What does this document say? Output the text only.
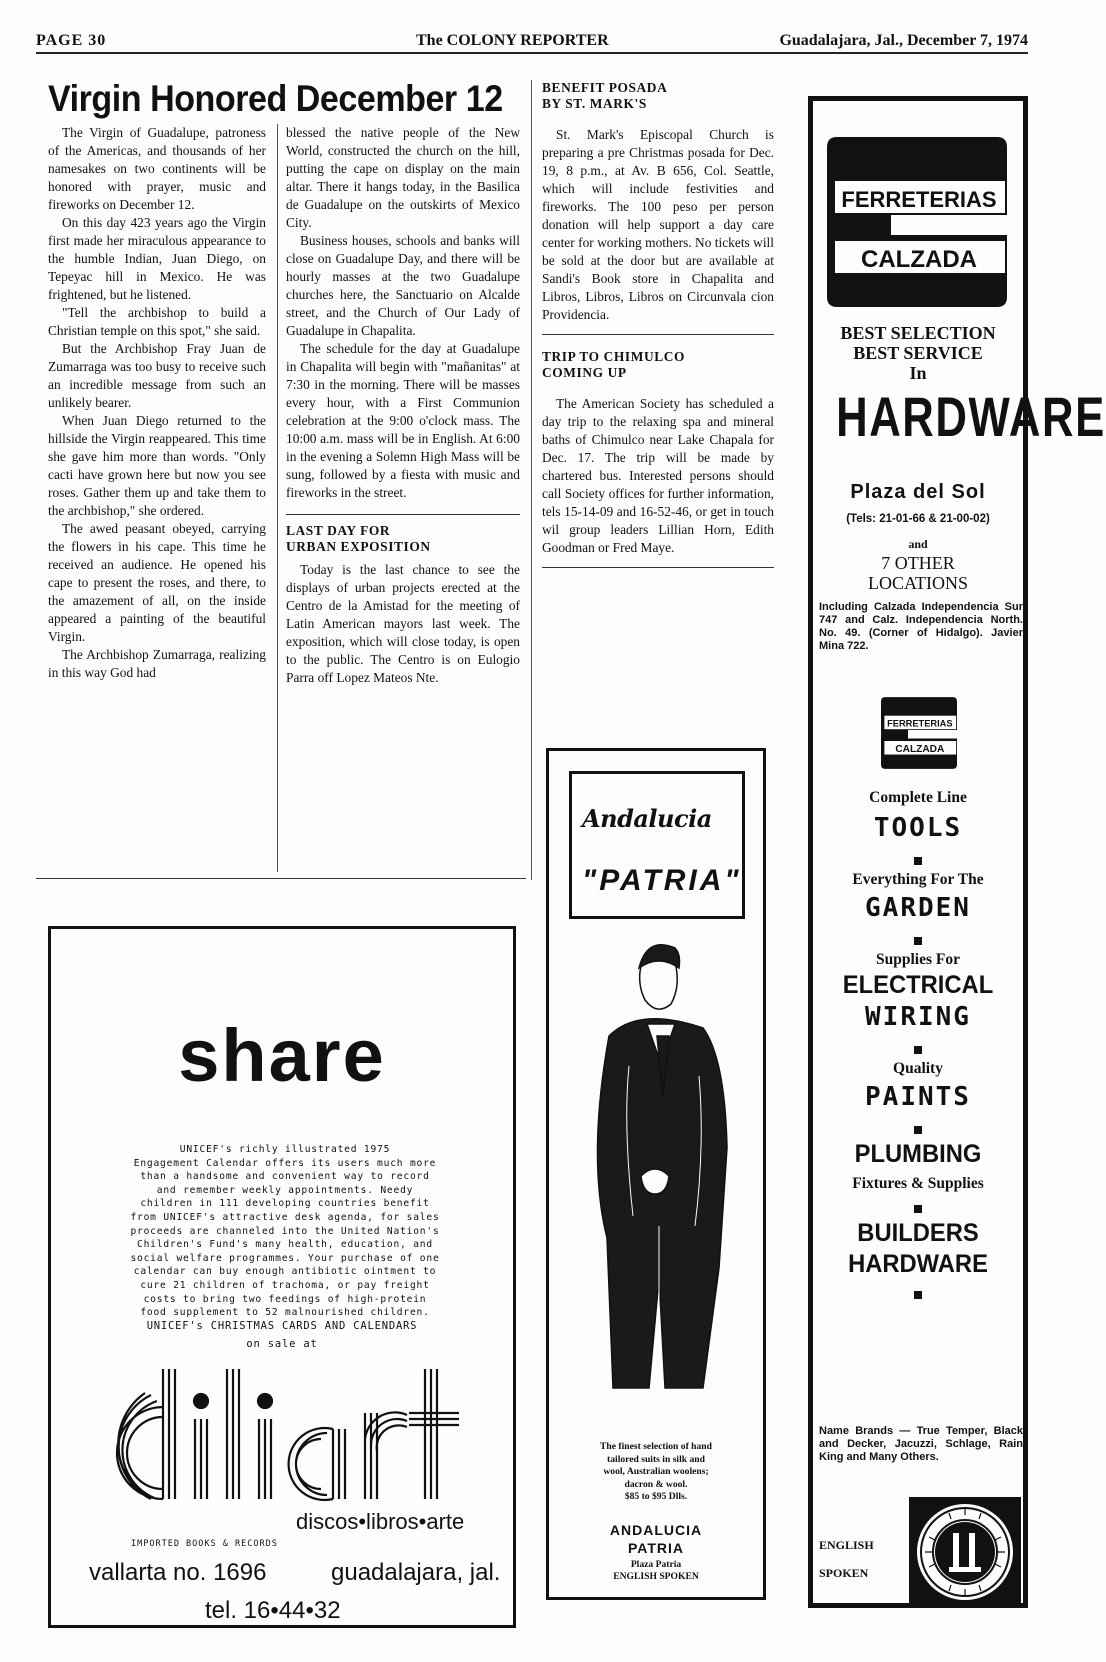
PAGE 30	The COLONY REPORTER	Guadalajara, Jal., December 7, 1974
Virgin Honored December 12

The Virgin of Guadalupe, patroness of the Americas, and thousands of her namesakes on two continents will be honored with prayer, music and fireworks on December 12.

On this day 423 years ago the Virgin first made her miraculous appearance to the humble Indian, Juan Diego, on Tepeyac hill in Mexico. He was frightened, but he listened.

"Tell the archbishop to build a Christian temple on this spot," she said.

But the Archbishop Fray Juan de Zumarraga was too busy to receive such an incredible message from such an unlikely bearer.

When Juan Diego returned to the hillside the Virgin reappeared. This time she gave him more than words. "Only cacti have grown here but now you see roses. Gather them up and take them to the archbishop," she ordered.

The awed peasant obeyed, carrying the flowers in his cape. This time he received an audience. He opened his cape to present the roses, and there, to the amazement of all, on the inside appeared a painting of the beautiful Virgin.

The Archbishop Zumarraga, realizing in this way God had

blessed the native people of the New World, constructed the church on the hill, putting the cape on display on the main altar. There it hangs today, in the Basilica de Guadalupe on the outskirts of Mexico City.

Business houses, schools and banks will close on Guadalupe Day, and there will be hourly masses at the two Guadalupe churches here, the Sanctuario on Alcalde street, and the Church of Our Lady of Guadalupe in Chapalita.

The schedule for the day at Guadalupe in Chapalita will begin with "mañanitas" at 7:30 in the morning. There will be masses every hour, with a First Communion celebration at the 9:00 o'clock mass. The 10:00 a.m. mass will be in English. At 6:00 in the evening a Solemn High Mass will be sung, followed by a fiesta with music and fireworks in the street.

LAST DAY FOR
URBAN EXPOSITION

Today is the last chance to see the displays of urban projects erected at the Centro de la Amistad for the meeting of Latin American mayors last week. The exposition, which will close today, is open to the public. The Centro is on Eulogio Parra off Lopez Mateos Nte.

BENEFIT POSADA
BY ST. MARK'S

St. Mark's Episcopal Church is preparing a pre Christmas posada for Dec. 19, 8 p.m., at Av. B 656, Col. Seattle, which will include festivities and fireworks. The 100 peso per person donation will help support a day care center for working mothers. No tickets will be sold at the door but are available at Sandi's Book store in Chapalita and Libros, Libros, Libros on Circunvala cion Providencia.

TRIP TO CHIMULCO
COMING UP

The American Society has scheduled a day trip to the relaxing spa and mineral baths of Chimulco near Lake Chapala for Dec. 17. The trip will be made by chartered bus. Interested persons should call Society offices for further information, tels 15-14-09 and 16-52-46, or get in touch wil group leaders Lillian Horn, Edith Goodman or Fred Maye.

share
UNICEF's richly illustrated 1975
Engagement Calendar offers its users much more
than a handsome and convenient way to record
and remember weekly appointments. Needy
children in 111 developing countries benefit
from UNICEF's attractive desk agenda, for sales
proceeds are channeled into the United Nation's
Children's Fund's many health, education, and
social welfare programmes. Your purchase of one
calendar can buy enough antibiotic ointment to
cure 21 children of trachoma, or pay freight
costs to bring two feedings of high-protein
food supplement to 52 malnourished children.
UNICEF's CHRISTMAS CARDS AND CALENDARS
on sale at
discos•libros•arte
IMPORTED BOOKS & RECORDS
vallarta no. 1696	guadalajara, jal.
tel. 16•44•32
Andalucia
"PATRIA"
The finest selection of hand
tailored suits in silk and
wool, Australian woolens;
dacron & wool.
$85 to $95 Dlls.
ANDALUCIA
PATRIA
Plaza Patria
ENGLISH SPOKEN
FERRETERIAS
CALZADA
BEST SELECTION
BEST SERVICE
In
HARDWARE
Plaza del Sol
(Tels: 21-01-66 & 21-00-02)
and
7 OTHER
LOCATIONS
Including Calzada Independencia Sur 747 and Calz. Independencia North. No. 49. (Corner of Hidalgo). Javier Mina 722.
FERRETERIAS
CALZADA
Complete Line
TOOLS
Everything For The
GARDEN
Supplies For
ELECTRICAL
WIRING
Quality
PAINTS
PLUMBING
Fixtures & Supplies
BUILDERS
HARDWARE
Name Brands — True Temper, Black and Decker, Jacuzzi, Schlage, Rain King and Many Others.
ENGLISH
SPOKEN
